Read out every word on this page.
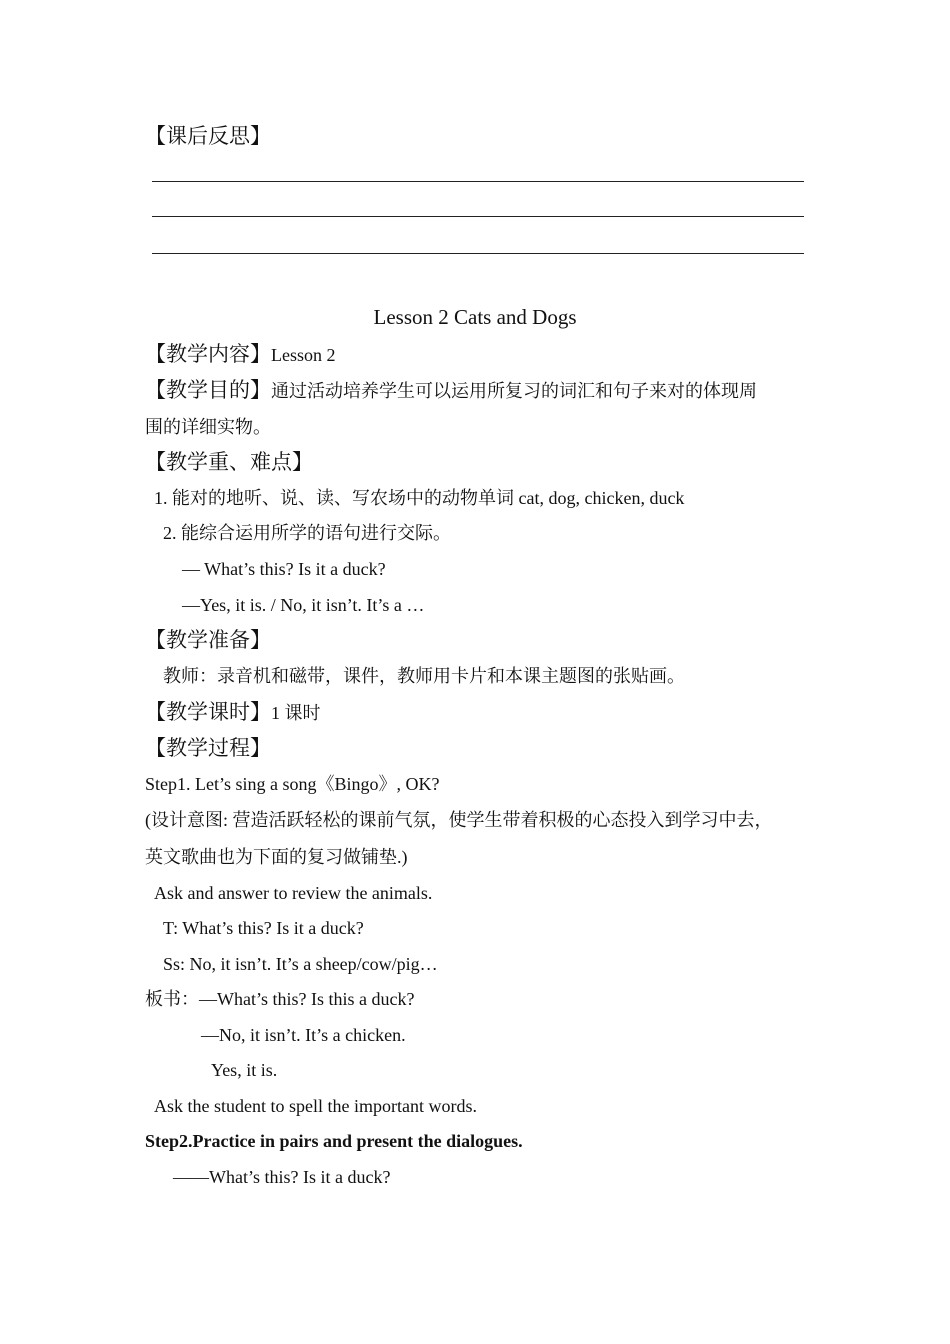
【课后反思】
Lesson 2 Cats and Dogs
【教学内容】Lesson 2
【教学目的】通过活动培养学生可以运用所复习的词汇和句子来对的体现周
围的详细实物。
【教学重、难点】
1. 能对的地听、说、读、写农场中的动物单词 cat, dog, chicken, duck
2. 能综合运用所学的语句进行交际。
— What’s this? Is it a duck?
—Yes, it is. / No, it isn’t. It’s a …
【教学准备】
教师：录音机和磁带，课件，教师用卡片和本课主题图的张贴画。
【教学课时】1 课时
【教学过程】
Step1. Let’s sing a song《Bingo》, OK?
(设计意图: 营造活跃轻松的课前气氛，使学生带着积极的心态投入到学习中去，
英文歌曲也为下面的复习做铺垫.)
Ask and answer to review the animals.
T: What’s this? Is it a duck?
Ss: No, it isn’t. It’s a sheep/cow/pig…
板书：—What’s this? Is this a duck?
—No, it isn’t. It’s a chicken.
Yes, it is.
Ask the student to spell the important words.
Step2.Practice in pairs and present the dialogues.
——What’s this? Is it a duck?
